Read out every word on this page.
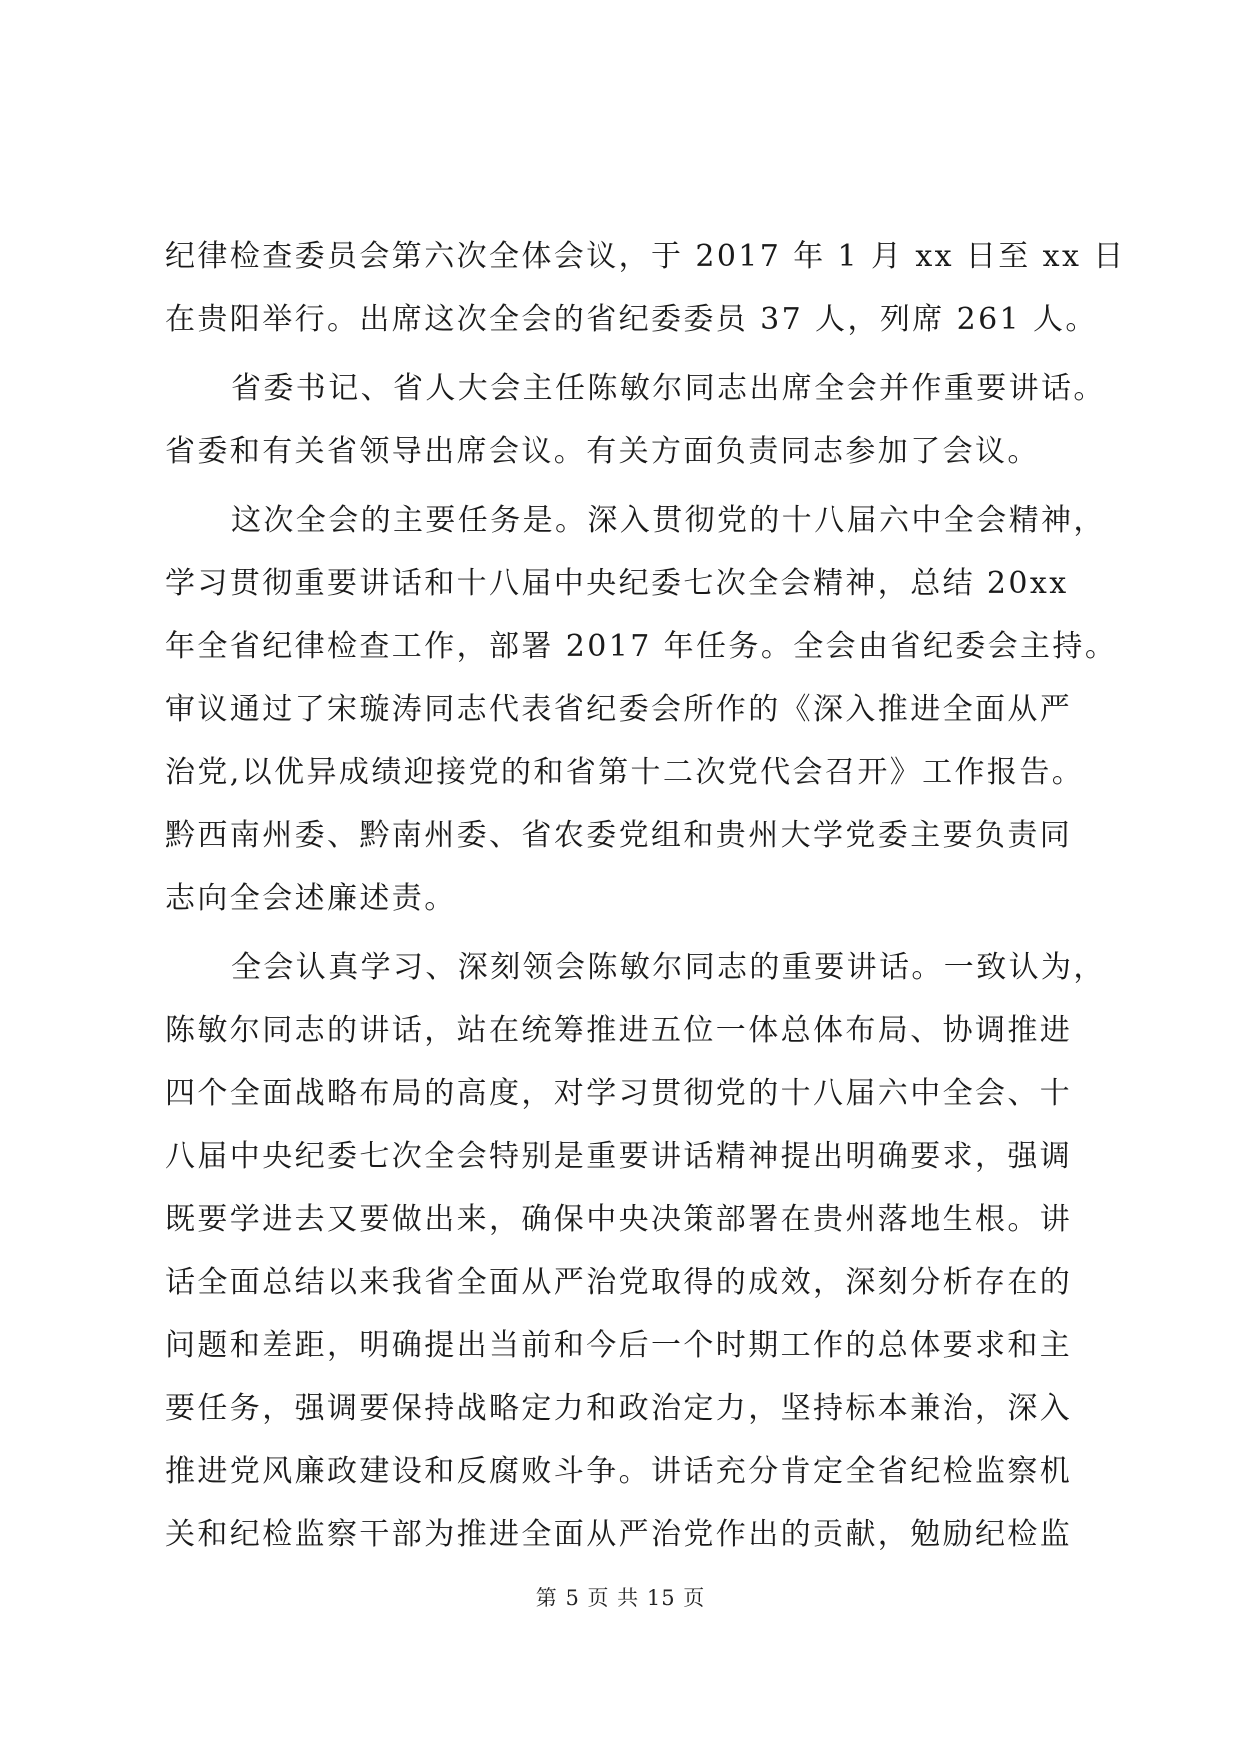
纪律检查委员会第六次全体会议，于 2017 年 1 月 xx 日至 xx 日
在贵阳举行。出席这次全会的省纪委委员 37 人，列席 261 人。
省委书记、省人大会主任陈敏尔同志出席全会并作重要讲话。
省委和有关省领导出席会议。有关方面负责同志参加了会议。
这次全会的主要任务是。深入贯彻党的十八届六中全会精神，
学习贯彻重要讲话和十八届中央纪委七次全会精神，总结 20xx
年全省纪律检查工作，部署 2017 年任务。全会由省纪委会主持。
审议通过了宋璇涛同志代表省纪委会所作的《深入推进全面从严
治党,以优异成绩迎接党的和省第十二次党代会召开》工作报告。
黔西南州委、黔南州委、省农委党组和贵州大学党委主要负责同
志向全会述廉述责。
全会认真学习、深刻领会陈敏尔同志的重要讲话。一致认为，
陈敏尔同志的讲话，站在统筹推进五位一体总体布局、协调推进
四个全面战略布局的高度，对学习贯彻党的十八届六中全会、十
八届中央纪委七次全会特别是重要讲话精神提出明确要求，强调
既要学进去又要做出来，确保中央决策部署在贵州落地生根。讲
话全面总结以来我省全面从严治党取得的成效，深刻分析存在的
问题和差距，明确提出当前和今后一个时期工作的总体要求和主
要任务，强调要保持战略定力和政治定力，坚持标本兼治，深入
推进党风廉政建设和反腐败斗争。讲话充分肯定全省纪检监察机
关和纪检监察干部为推进全面从严治党作出的贡献，勉励纪检监
第 5 页 共 15 页
